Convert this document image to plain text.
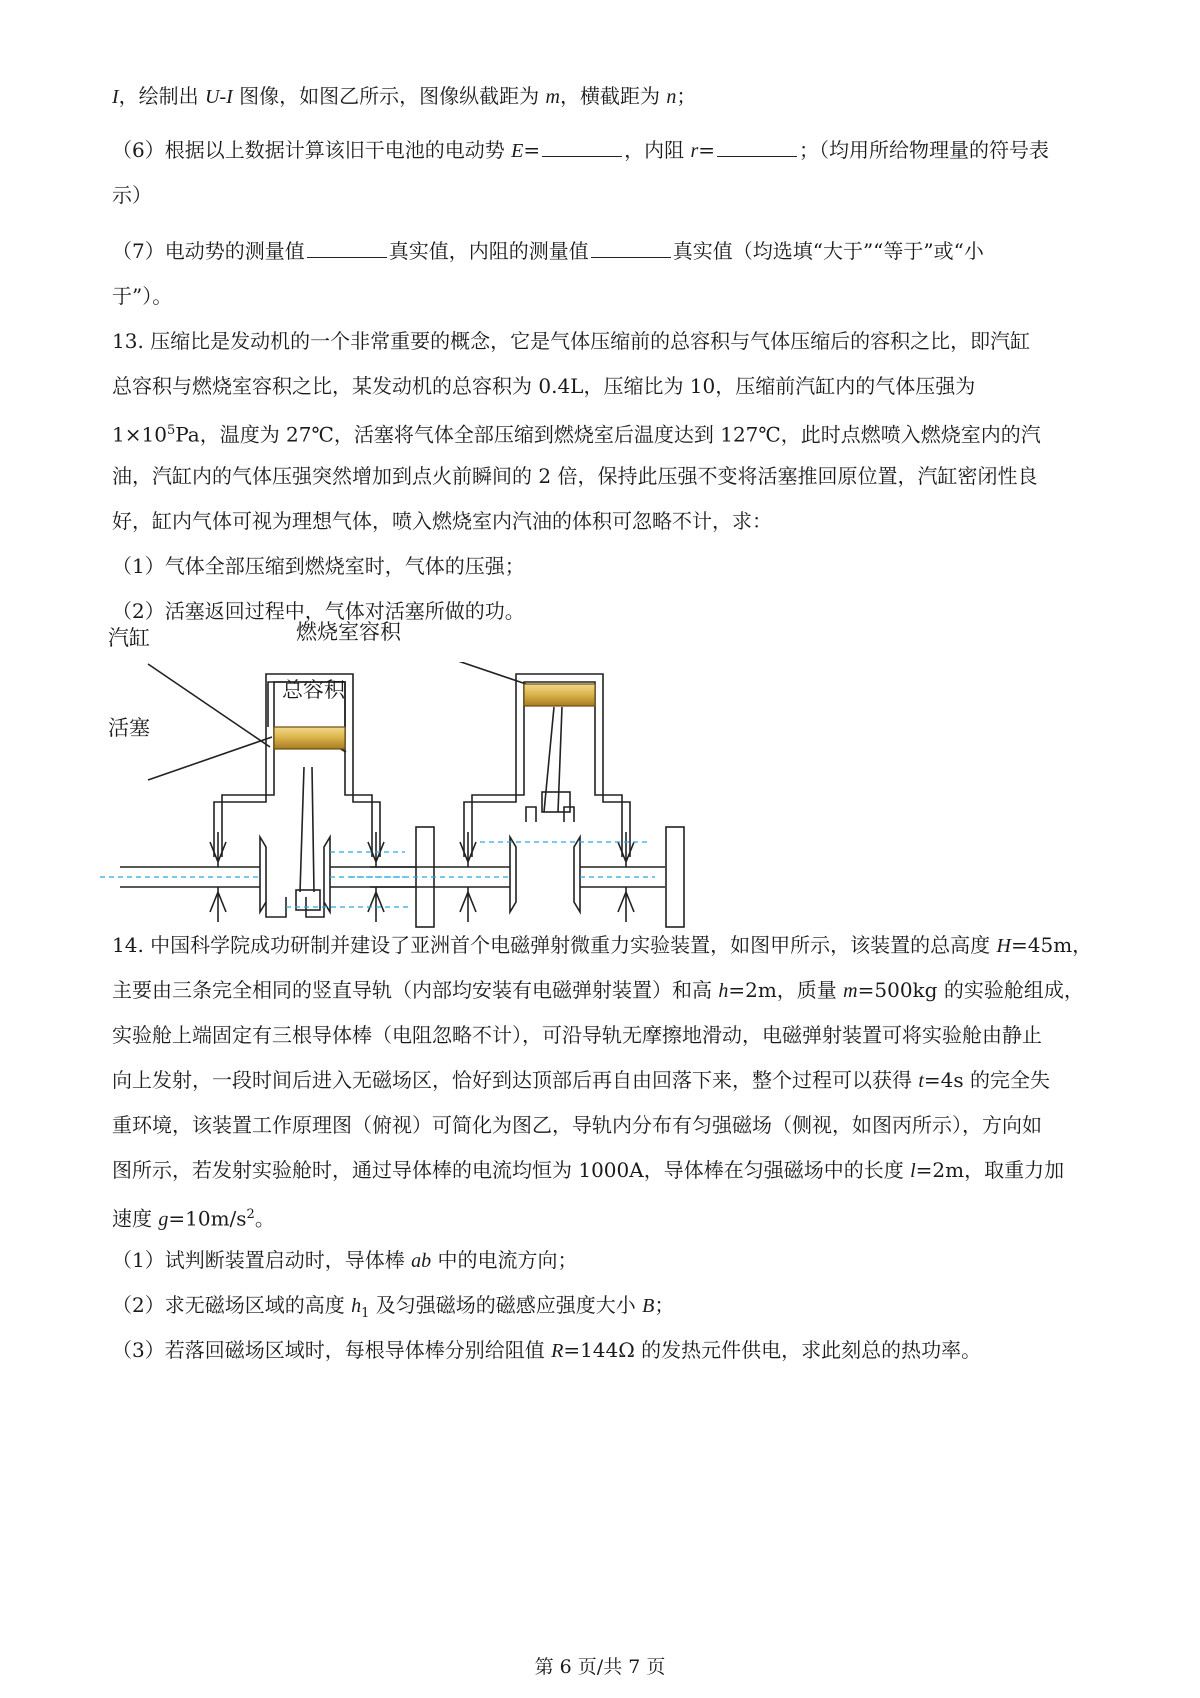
I，绘制出 U-I 图像，如图乙所示，图像纵截距为 m，横截距为 n；
（6）根据以上数据计算该旧干电池的电动势 E=	，内阻 r=	；（均用所给物理量的符号表
示）
（7）电动势的测量值	真实值，内阻的测量值	真实值（均选填“大于”“等于”或“小
于”）。
13. 压缩比是发动机的一个非常重要的概念，它是气体压缩前的总容积与气体压缩后的容积之比，即汽缸
总容积与燃烧室容积之比，某发动机的总容积为 0.4L，压缩比为 10，压缩前汽缸内的气体压强为
$1\times 10^5Pa$，温度为 27℃，活塞将气体全部压缩到燃烧室后温度达到 127℃，此时点燃喷入燃烧室内的汽
油，汽缸内的气体压强突然增加到点火前瞬间的 2 倍，保持此压强不变将活塞推回原位置，汽缸密闭性良
好，缸内气体可视为理想气体，喷入燃烧室内汽油的体积可忽略不计，求：
（1）气体全部压缩到燃烧室时，气体的压强；
（2）活塞返回过程中，气体对活塞所做的功。
14. 中国科学院成功研制并建设了亚洲首个电磁弹射微重力实验装置，如图甲所示，该装置的总高度 H=45m，
主要由三条完全相同的竖直导轨（内部均安装有电磁弹射装置）和高 h=2m，质量 m=500kg 的实验舱组成，
实验舱上端固定有三根导体棒（电阻忽略不计），可沿导轨无摩擦地滑动，电磁弹射装置可将实验舱由静止
向上发射，一段时间后进入无磁场区，恰好到达顶部后再自由回落下来，整个过程可以获得 t=4s 的完全失
重环境，该装置工作原理图（俯视）可简化为图乙，导轨内分布有匀强磁场（侧视，如图丙所示），方向如
图所示，若发射实验舱时，通过导体棒的电流均恒为 1000A，导体棒在匀强磁场中的长度 l=2m，取重力加
速度 $g=10m/s^2$。
（1）试判断装置启动时，导体棒 ab 中的电流方向；
（2）求无磁场区域的高度 $h_1$ 及匀强磁场的磁感应强度大小 B；
（3）若落回磁场区域时，每根导体棒分别给阻值 R=144Ω 的发热元件供电，求此刻总的热功率。
汽缸
总容积
活塞
燃烧室容积
第 6 页/共 7 页
